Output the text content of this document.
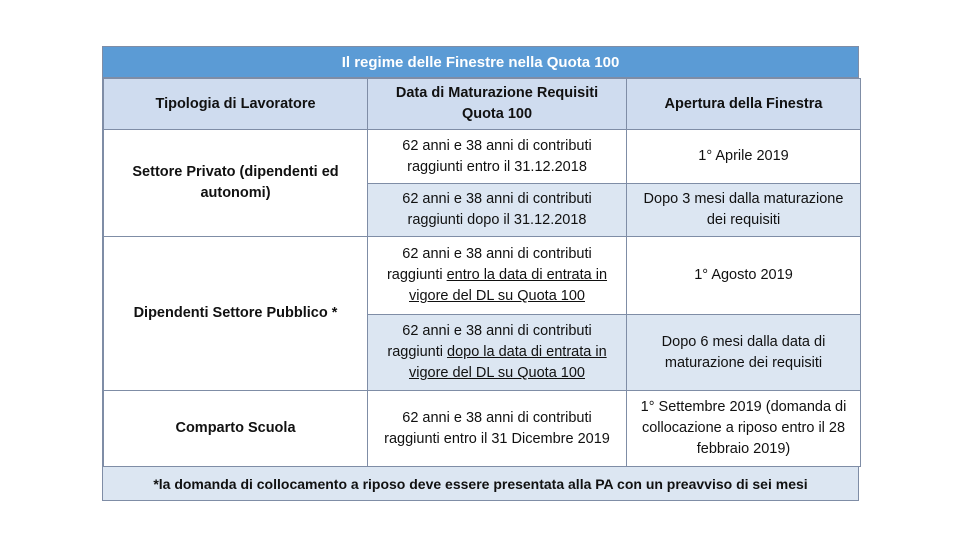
Il regime delle Finestre nella Quota 100
Tipologia di Lavoratore	Data di Maturazione Requisiti Quota 100	Apertura della Finestra
Settore Privato (dipendenti ed autonomi)	62 anni e 38 anni di contributi raggiunti entro il 31.12.2018	1° Aprile 2019
	62 anni e 38 anni di contributi raggiunti dopo il 31.12.2018	Dopo 3 mesi dalla maturazione dei requisiti
Dipendenti Settore Pubblico *	62 anni e 38 anni di contributi raggiunti entro la data di entrata in vigore del DL su Quota 100	1° Agosto 2019
	62 anni e 38 anni di contributi raggiunti dopo la data di entrata in vigore del DL su Quota 100	Dopo 6 mesi dalla data di maturazione dei requisiti
Comparto Scuola	62 anni e 38 anni di contributi raggiunti entro il 31 Dicembre 2019	1° Settembre 2019 (domanda di collocazione a riposo entro il 28 febbraio 2019)
*la domanda di collocamento a riposo deve essere presentata alla PA con un preavviso di sei mesi
